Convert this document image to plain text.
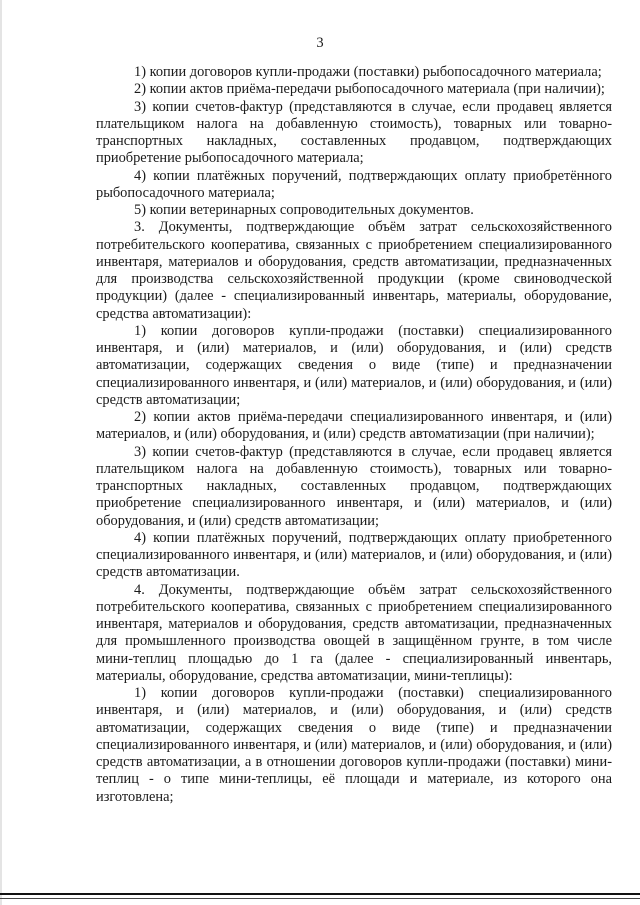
3

1) копии договоров купли-продажи (поставки) рыбопосадочного материала;

2) копии актов приёма-передачи рыбопосадочного материала (при наличии);

3) копии счетов-фактур (представляются в случае, если продавец является плательщиком налога на добавленную стоимость), товарных или товарно-транспортных накладных, составленных продавцом, подтверждающих приобретение рыбопосадочного материала;

4) копии платёжных поручений, подтверждающих оплату приобретённого рыбопосадочного материала;

5) копии ветеринарных сопроводительных документов.

3. Документы, подтверждающие объём затрат сельскохозяйственного потребительского кооператива, связанных с приобретением специализированного инвентаря, материалов и оборудования, средств автоматизации, предназначенных для производства сельскохозяйственной продукции (кроме свиноводческой продукции) (далее - специализированный инвентарь, материалы, оборудование, средства автоматизации):

1) копии договоров купли-продажи (поставки) специализированного инвентаря, и (или) материалов, и (или) оборудования, и (или) средств автоматизации, содержащих сведения о виде (типе) и предназначении специализированного инвентаря, и (или) материалов, и (или) оборудования, и (или) средств автоматизации;

2) копии актов приёма-передачи специализированного инвентаря, и (или) материалов, и (или) оборудования, и (или) средств автоматизации (при наличии);

3) копии счетов-фактур (представляются в случае, если продавец является плательщиком налога на добавленную стоимость), товарных или товарно-транспортных накладных, составленных продавцом, подтверждающих приобретение специализированного инвентаря, и (или) материалов, и (или) оборудования, и (или) средств автоматизации;

4) копии платёжных поручений, подтверждающих оплату приобретенного специализированного инвентаря, и (или) материалов, и (или) оборудования, и (или) средств автоматизации.

4. Документы, подтверждающие объём затрат сельскохозяйственного потребительского кооператива, связанных с приобретением специализированного инвентаря, материалов и оборудования, средств автоматизации, предназначенных для промышленного производства овощей в защищённом грунте, в том числе мини-теплиц площадью до 1 га (далее - специализированный инвентарь, материалы, оборудование, средства автоматизации, мини-теплицы):

1) копии договоров купли-продажи (поставки) специализированного инвентаря, и (или) материалов, и (или) оборудования, и (или) средств автоматизации, содержащих сведения о виде (типе) и предназначении специализированного инвентаря, и (или) материалов, и (или) оборудования, и (или) средств автоматизации, а в отношении договоров купли-продажи (поставки) мини-теплиц - о типе мини-теплицы, её площади и материале, из которого она изготовлена;
